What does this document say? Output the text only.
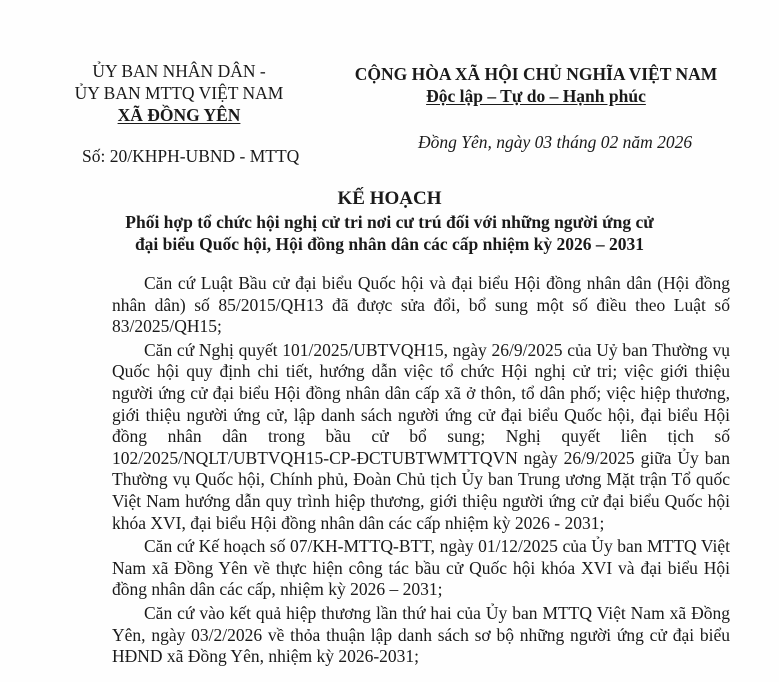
ỦY BAN NHÂN DÂN -
ỦY BAN MTTQ VIỆT NAM
XÃ ĐỒNG YÊN
Số: 20/KHPH-UBND - MTTQ
CỘNG HÒA XÃ HỘI CHỦ NGHĨA VIỆT NAM
Độc lập – Tự do – Hạnh phúc
Đồng Yên, ngày 03 tháng 02 năm 2026
KẾ HOẠCH
Phối hợp tổ chức hội nghị cử tri nơi cư trú đối với những người ứng cử
đại biểu Quốc hội, Hội đồng nhân dân các cấp nhiệm kỳ 2026 – 2031

Căn cứ Luật Bầu cử đại biểu Quốc hội và đại biểu Hội đồng nhân dân (Hội đồng nhân dân) số 85/2015/QH13 đã được sửa đổi, bổ sung một số điều theo Luật số 83/2025/QH15;

Căn cứ Nghị quyết 101/2025/UBTVQH15, ngày 26/9/2025 của Uỷ ban Thường vụ Quốc hội quy định chi tiết, hướng dẫn việc tổ chức Hội nghị cử tri; việc giới thiệu người ứng cử đại biểu Hội đồng nhân dân cấp xã ở thôn, tổ dân phố; việc hiệp thương, giới thiệu người ứng cử, lập danh sách người ứng cử đại biểu Quốc hội, đại biểu Hội đồng nhân dân trong bầu cử bổ sung; Nghị quyết liên tịch số 102/2025/NQLT/UBTVQH15-CP-ĐCTUBTWMTTQVN ngày 26/9/2025 giữa Ủy ban Thường vụ Quốc hội, Chính phủ, Đoàn Chủ tịch Ủy ban Trung ương Mặt trận Tổ quốc Việt Nam hướng dẫn quy trình hiệp thương, giới thiệu người ứng cử đại biểu Quốc hội khóa XVI, đại biểu Hội đồng nhân dân các cấp nhiệm kỳ 2026 - 2031;

Căn cứ Kế hoạch số 07/KH-MTTQ-BTT, ngày 01/12/2025 của Ủy ban MTTQ Việt Nam xã Đồng Yên về thực hiện công tác bầu cử Quốc hội khóa XVI và đại biểu Hội đồng nhân dân các cấp, nhiệm kỳ 2026 – 2031;

Căn cứ vào kết quả hiệp thương lần thứ hai của Ủy ban MTTQ Việt Nam xã Đồng Yên, ngày 03/2/2026 về thỏa thuận lập danh sách sơ bộ những người ứng cử đại biểu HĐND xã Đồng Yên, nhiệm kỳ 2026-2031;
